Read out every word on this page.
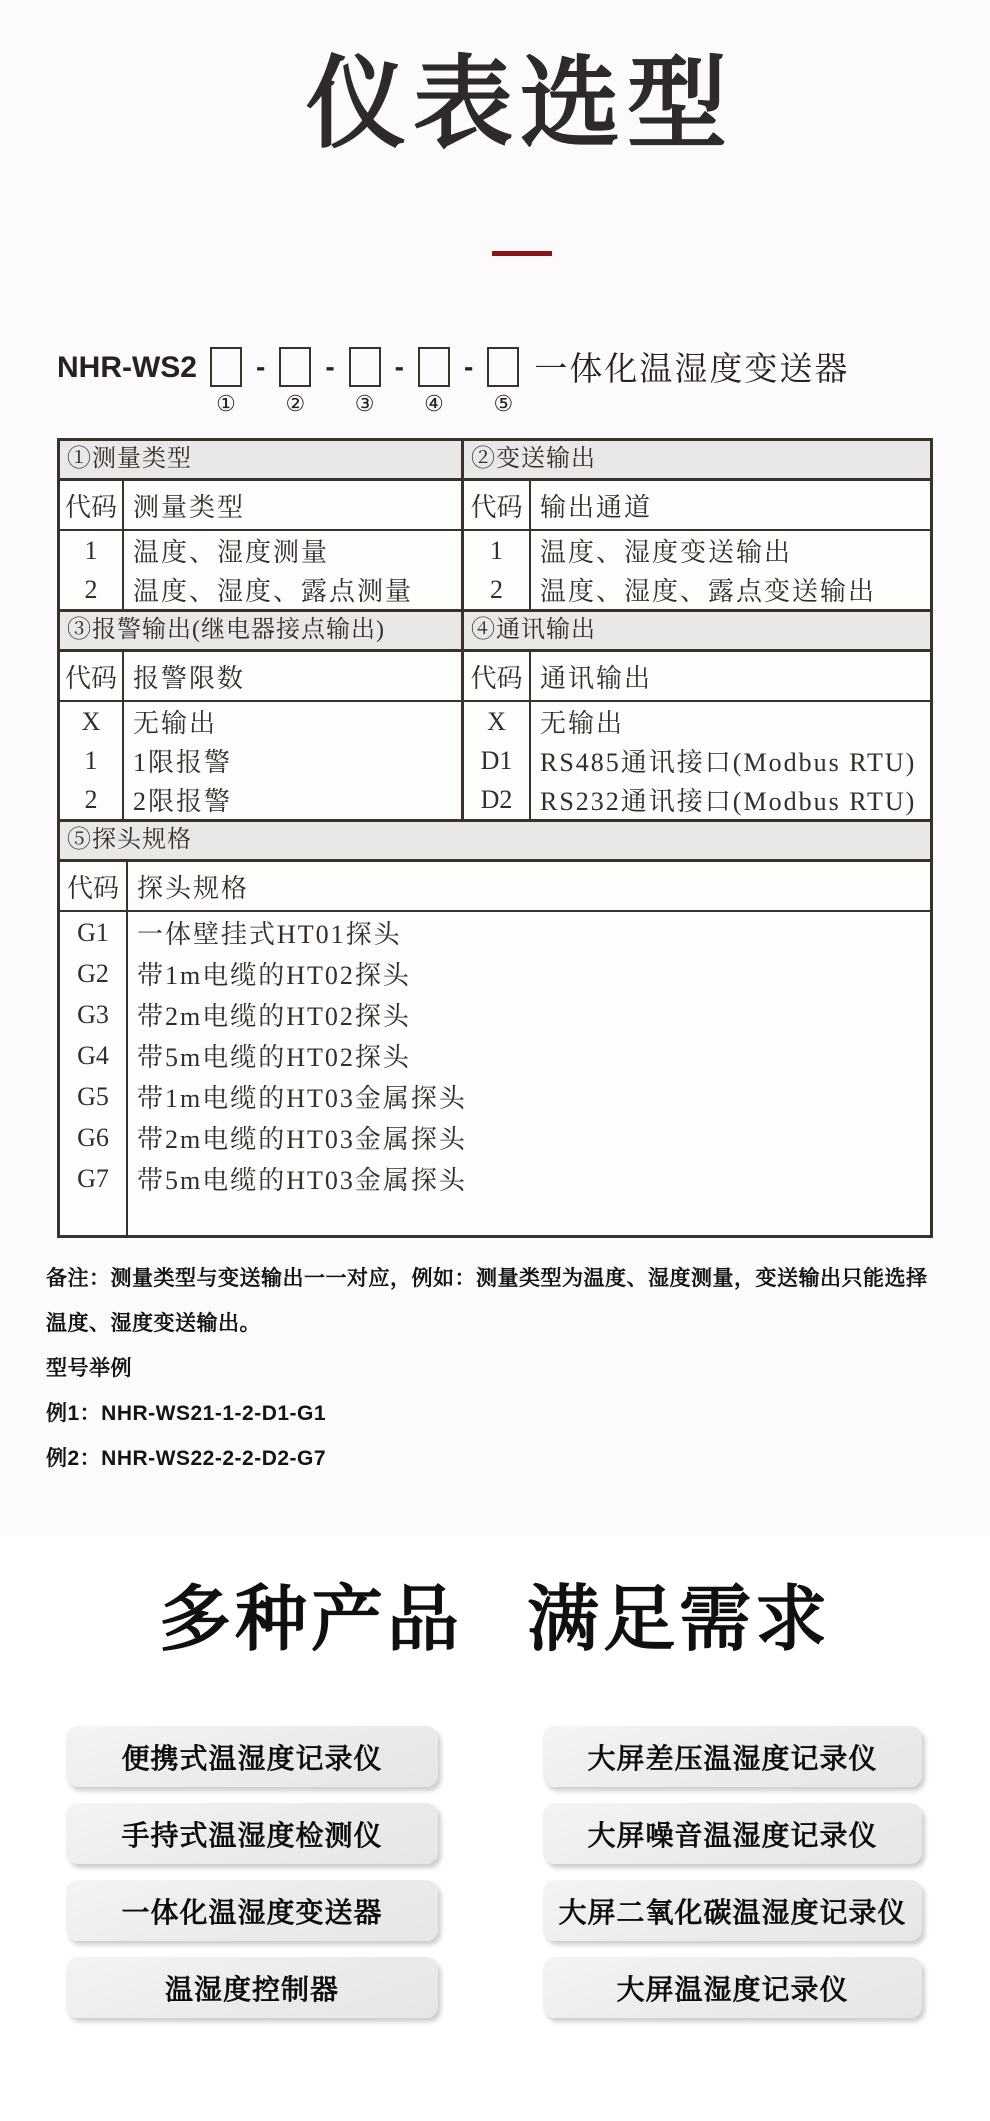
仪表选型
NHR-WS2
①
-
②
-
③
-
④
-
⑤
一体化温湿度变送器
①测量类型
代码 测量类型
1	温度、湿度测量
2	温度、湿度、露点测量
②变送输出
代码 输出通道
1	温度、湿度变送输出
2	温度、湿度、露点变送输出
③报警输出(继电器接点输出)
代码 报警限数
X	无输出
1	1限报警
2	2限报警
④通讯输出
代码 通讯输出
X	无输出
D1	RS485通讯接口(Modbus RTU)
D2	RS232通讯接口(Modbus RTU)
⑤探头规格
代码 探头规格
G1	一体壁挂式HT01探头
G2	带1m电缆的HT02探头
G3	带2m电缆的HT02探头
G4	带5m电缆的HT02探头
G5	带1m电缆的HT03金属探头
G6	带2m电缆的HT03金属探头
G7	带5m电缆的HT03金属探头
备注：测量类型与变送输出一一对应，例如：测量类型为温度、湿度测量，变送输出只能选择温度、湿度变送输出。
型号举例
例1：NHR-WS21-1-2-D1-G1
例2：NHR-WS22-2-2-D2-G7
多种产品 满足需求
便携式温湿度记录仪
手持式温湿度检测仪
一体化温湿度变送器
温湿度控制器
大屏差压温湿度记录仪
大屏噪音温湿度记录仪
大屏二氧化碳温湿度记录仪
大屏温湿度记录仪
